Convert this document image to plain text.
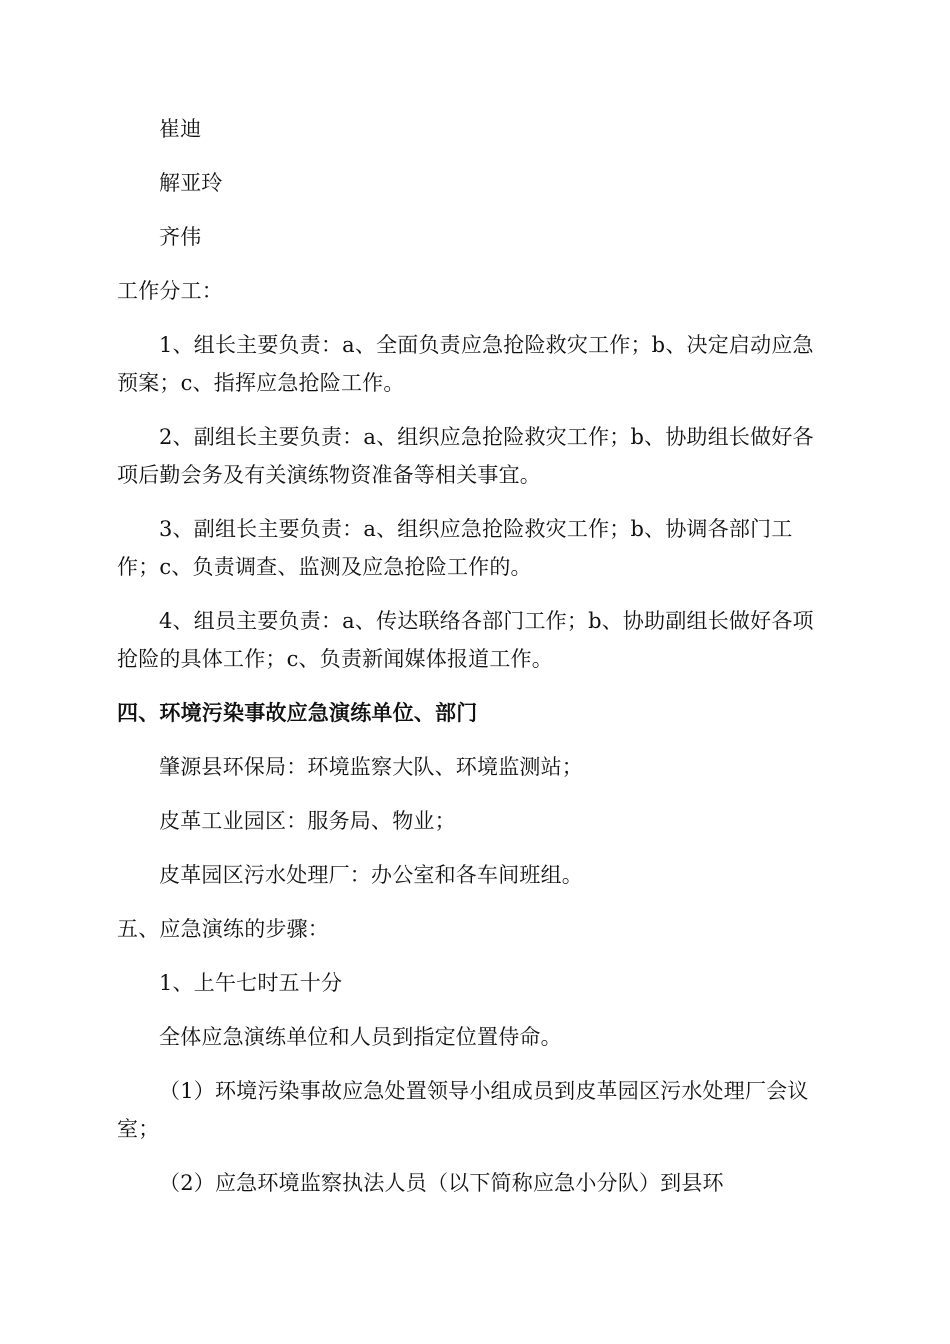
崔迪

解亚玲

齐伟

工作分工：

1、组长主要负责：a、全面负责应急抢险救灾工作；b、决定启动应急预案；c、指挥应急抢险工作。

2、副组长主要负责：a、组织应急抢险救灾工作；b、协助组长做好各项后勤会务及有关演练物资准备等相关事宜。

3、副组长主要负责：a、组织应急抢险救灾工作；b、协调各部门工作；c、负责调查、监测及应急抢险工作的。

4、组员主要负责：a、传达联络各部门工作；b、协助副组长做好各项抢险的具体工作；c、负责新闻媒体报道工作。

四、环境污染事故应急演练单位、部门

肇源县环保局：环境监察大队、环境监测站；

皮革工业园区：服务局、物业；

皮革园区污水处理厂：办公室和各车间班组。

五、应急演练的步骤：

1、上午七时五十分

全体应急演练单位和人员到指定位置侍命。

（1）环境污染事故应急处置领导小组成员到皮革园区污水处理厂会议室；

（2）应急环境监察执法人员（以下简称应急小分队）到县环
